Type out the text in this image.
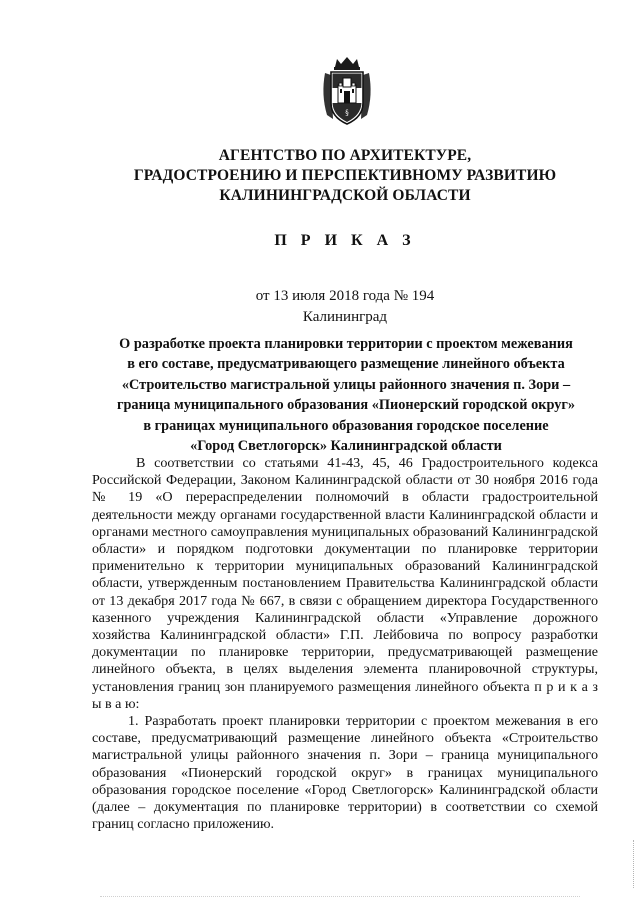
§
АГЕНТСТВО ПО АРХИТЕКТУРЕ,
ГРАДОСТРОЕНИЮ И ПЕРСПЕКТИВНОМУ РАЗВИТИЮ
КАЛИНИНГРАДСКОЙ ОБЛАСТИ
П Р И К А З
от 13 июля 2018 года № 194
Калининград
О разработке проекта планировки территории с проектом межевания
в его составе, предусматривающего размещение линейного объекта
«Строительство магистральной улицы районного значения п. Зори –
граница муниципального образования «Пионерский городской округ»
в границах муниципального образования городское поселение
«Город Светлогорск» Калининградской области

В соответствии со статьями 41-43, 45, 46 Градостроительного кодекса Российской Федерации, Законом Калининградской области от 30 ноября 2016 года № 19 «О перераспределении полномочий в области градостроительной деятельности между органами государственной власти Калининградской области и органами местного самоуправления муниципальных образований Калининградской области» и порядком подготовки документации по планировке территории применительно к территории муниципальных образований Калининградской области, утвержденным постановлением Правительства Калининградской области от 13 декабря 2017 года № 667, в связи с обращением директора Государственного казенного учреждения Калининградской области «Управление дорожного хозяйства Калининградской области» Г.П. Лейбовича по вопросу разработки документации по планировке территории, предусматривающей размещение линейного объекта, в целях выделения элемента планировочной структуры, установления границ зон планируемого размещения линейного объекта п р и к а з ы в а ю:

1. Разработать проект планировки территории с проектом межевания в его составе, предусматривающий размещение линейного объекта «Строительство магистральной улицы районного значения п. Зори – граница муниципального образования «Пионерский городской округ» в границах муниципального образования городское поселение «Город Светлогорск» Калининградской области (далее – документация по планировке территории) в соответствии со схемой границ согласно приложению.
